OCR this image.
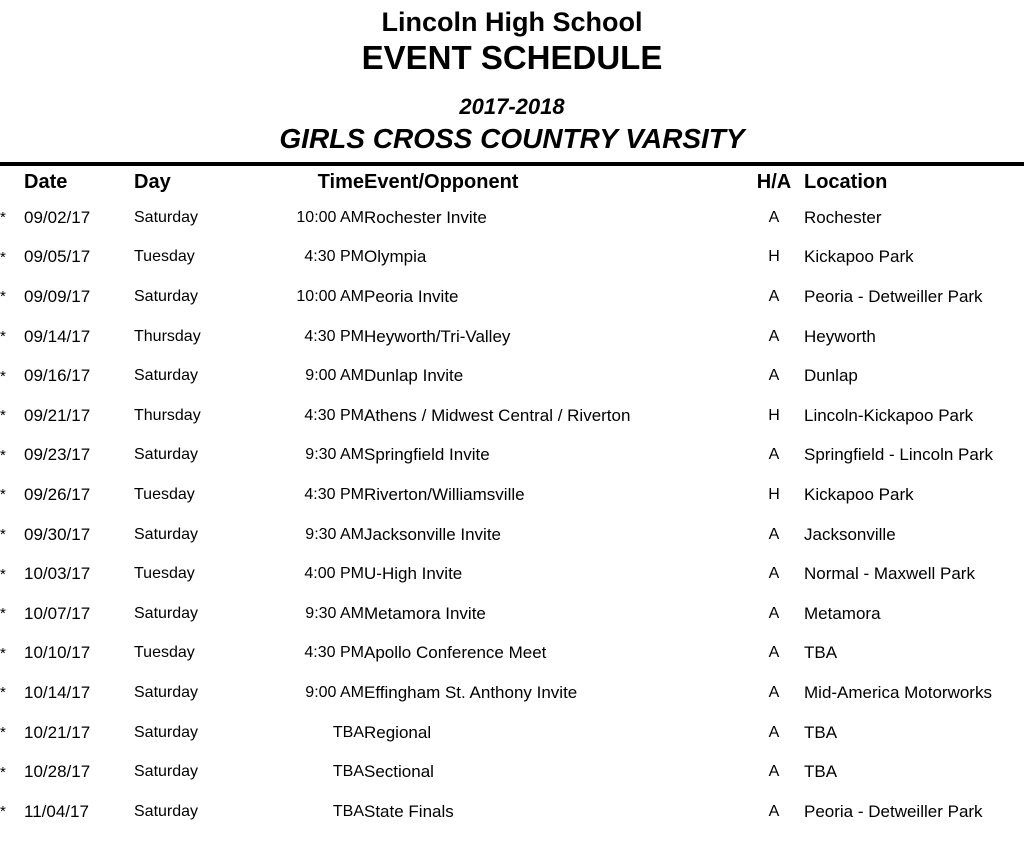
Lincoln High School
EVENT SCHEDULE
2017-2018
GIRLS CROSS COUNTRY VARSITY
	Date	Day	Time	Event/Opponent	H/A	Location
*	09/02/17	Saturday	10:00 AM	Rochester Invite	A	Rochester
*	09/05/17	Tuesday	4:30 PM	Olympia	H	Kickapoo Park
*	09/09/17	Saturday	10:00 AM	Peoria Invite	A	Peoria - Detweiller Park
*	09/14/17	Thursday	4:30 PM	Heyworth/Tri-Valley	A	Heyworth
*	09/16/17	Saturday	9:00 AM	Dunlap Invite	A	Dunlap
*	09/21/17	Thursday	4:30 PM	Athens / Midwest Central / Riverton	H	Lincoln-Kickapoo Park
*	09/23/17	Saturday	9:30 AM	Springfield Invite	A	Springfield - Lincoln Park
*	09/26/17	Tuesday	4:30 PM	Riverton/Williamsville	H	Kickapoo Park
*	09/30/17	Saturday	9:30 AM	Jacksonville Invite	A	Jacksonville
*	10/03/17	Tuesday	4:00 PM	U-High Invite	A	Normal - Maxwell Park
*	10/07/17	Saturday	9:30 AM	Metamora Invite	A	Metamora
*	10/10/17	Tuesday	4:30 PM	Apollo Conference Meet	A	TBA
*	10/14/17	Saturday	9:00 AM	Effingham St. Anthony Invite	A	Mid-America Motorworks
*	10/21/17	Saturday	TBA	Regional	A	TBA
*	10/28/17	Saturday	TBA	Sectional	A	TBA
*	11/04/17	Saturday	TBA	State Finals	A	Peoria - Detweiller Park
